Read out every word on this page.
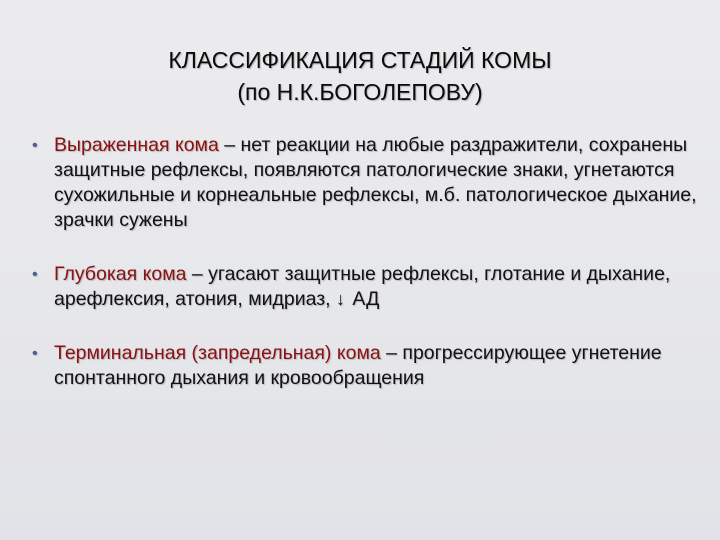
КЛАССИФИКАЦИЯ СТАДИЙ КОМЫ
(по Н.К.БОГОЛЕПОВУ)
• Выраженная кома – нет реакции на любые раздражители, сохранены защитные рефлексы, появляются патологические знаки, угнетаются сухожильные и корнеальные рефлексы, м.б. патологическое дыхание, зрачки сужены
• Глубокая кома – угасают защитные рефлексы, глотание и дыхание, арефлексия, атония, мидриаз, ↓ АД
• Терминальная (запредельная) кома – прогрессирующее угнетение спонтанного дыхания и кровообращения
